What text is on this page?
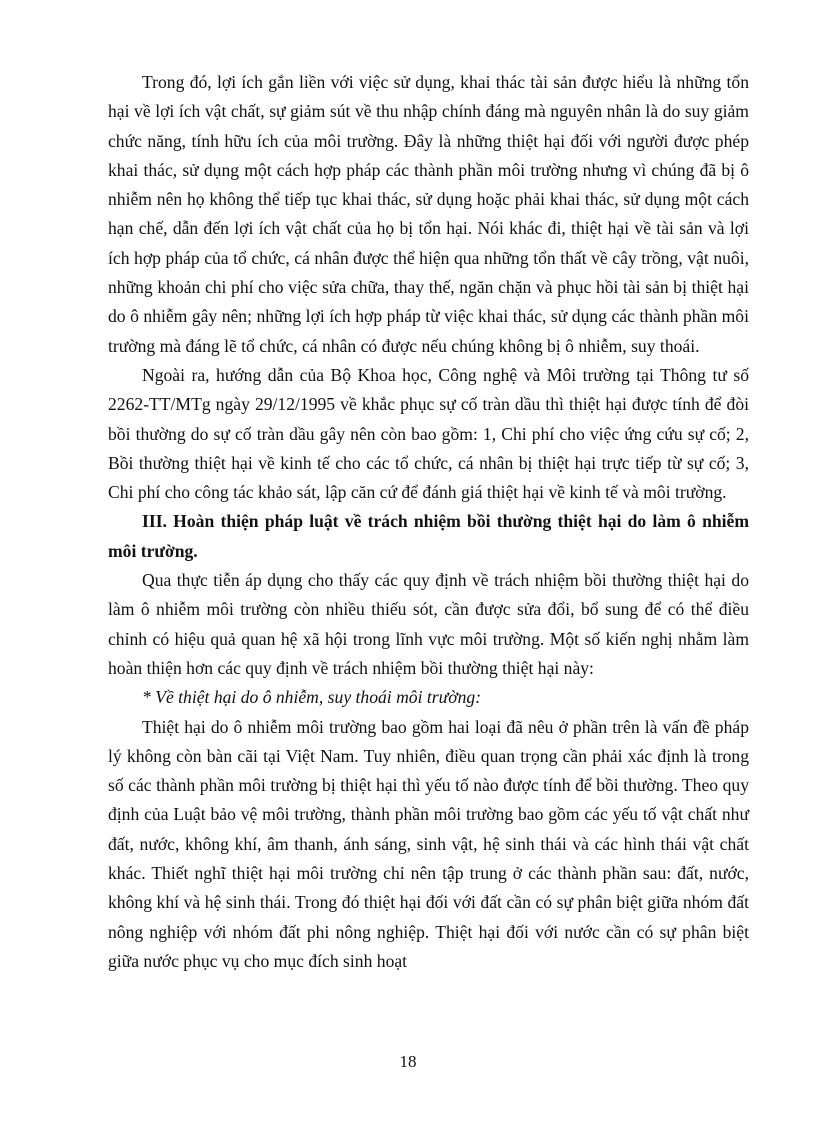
Trong đó, lợi ích gắn liền với việc sử dụng, khai thác tài sản được hiểu là những tổn hại về lợi ích vật chất, sự giảm sút về thu nhập chính đáng mà nguyên nhân là do suy giảm chức năng, tính hữu ích của môi trường. Đây là những thiệt hại đối với người được phép khai thác, sử dụng một cách hợp pháp các thành phần môi trường nhưng vì chúng đã bị ô nhiễm nên họ không thể tiếp tục khai thác, sử dụng hoặc phải khai thác, sử dụng một cách hạn chế, dẫn đến lợi ích vật chất của họ bị tổn hại. Nói khác đi, thiệt hại về tài sản và lợi ích hợp pháp của tổ chức, cá nhân được thể hiện qua những tổn thất về cây trồng, vật nuôi, những khoản chi phí cho việc sửa chữa, thay thế, ngăn chặn và phục hồi tài sản bị thiệt hại do ô nhiễm gây nên; những lợi ích hợp pháp từ việc khai thác, sử dụng các thành phần môi trường mà đáng lẽ tổ chức, cá nhân có được nếu chúng không bị ô nhiễm, suy thoái.

Ngoài ra, hướng dẫn của Bộ Khoa học, Công nghệ và Môi trường tại Thông tư số 2262-TT/MTg ngày 29/12/1995 về khắc phục sự cố tràn dầu thì thiệt hại được tính để đòi bồi thường do sự cố tràn dầu gây nên còn bao gồm: 1, Chi phí cho việc ứng cứu sự cố; 2, Bồi thường thiệt hại về kinh tế cho các tổ chức, cá nhân bị thiệt hại trực tiếp từ sự cố; 3, Chi phí cho công tác khảo sát, lập căn cứ để đánh giá thiệt hại về kinh tế và môi trường.

III. Hoàn thiện pháp luật về trách nhiệm bồi thường thiệt hại do làm ô nhiễm môi trường.

Qua thực tiễn áp dụng cho thấy các quy định về trách nhiệm bồi thường thiệt hại do làm ô nhiễm môi trường còn nhiều thiếu sót, cần được sửa đổi, bổ sung để có thể điều chỉnh có hiệu quả quan hệ xã hội trong lĩnh vực môi trường. Một số kiến nghị nhằm làm hoàn thiện hơn các quy định về trách nhiệm bồi thường thiệt hại này:

* Về thiệt hại do ô nhiễm, suy thoái môi trường:

Thiệt hại do ô nhiễm môi trường bao gồm hai loại đã nêu ở phần trên là vấn đề pháp lý không còn bàn cãi tại Việt Nam. Tuy nhiên, điều quan trọng cần phải xác định là trong số các thành phần môi trường bị thiệt hại thì yếu tố nào được tính để bồi thường. Theo quy định của Luật bảo vệ môi trường, thành phần môi trường bao gồm các yếu tố vật chất như đất, nước, không khí, âm thanh, ánh sáng, sinh vật, hệ sinh thái và các hình thái vật chất khác. Thiết nghĩ thiệt hại môi trường chỉ nên tập trung ở các thành phần sau: đất, nước, không khí và hệ sinh thái. Trong đó thiệt hại đối với đất cần có sự phân biệt giữa nhóm đất nông nghiệp với nhóm đất phi nông nghiệp. Thiệt hại đối với nước cần có sự phân biệt giữa nước phục vụ cho mục đích sinh hoạt

18
